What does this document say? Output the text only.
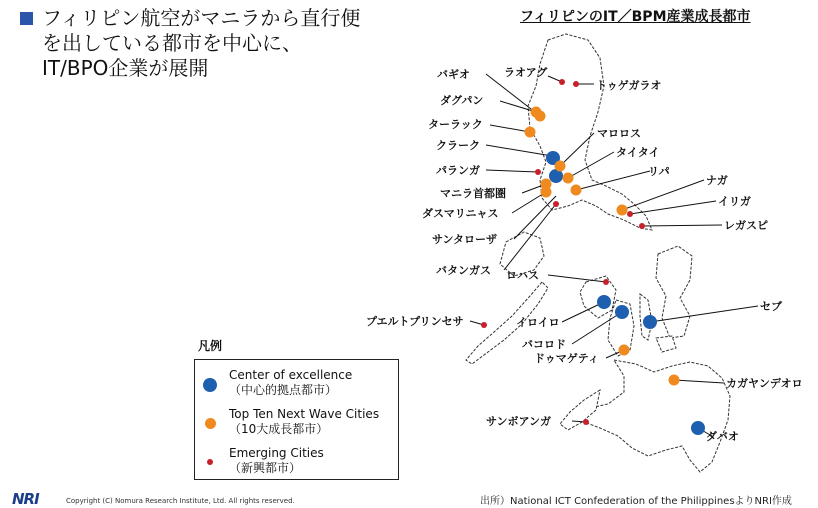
フィリピン航空がマニラから直行便
を出している都市を中心に、
IT/BPO企業が展開
フィリピンのIT／BPM産業成長都市
バギオ	ラオアグ
トゥゲガラオ
ダグパン
ターラック
クラーク
パランガ
マニラ首都圏
ダスマリニャス
サンタローザ
バタンガス
マロロス
タイタイ
リパ
ナガ
イリガ
レガスピ
ロハス
プエルトプリンセサ	イロイロ
バコロド
セブ
ドゥマゲティ
カガヤンデオロ
サンボアンガ
ダバオ
凡例
Center of excellence
（中心的拠点都市）
Top Ten Next Wave Cities
（10大成長都市）
Emerging Cities
（新興都市）
NRI	Copyright (C) Nomura Research Institute, Ltd. All rights reserved.	出所）National ICT Confederation of the PhilippinesよりNRI作成
